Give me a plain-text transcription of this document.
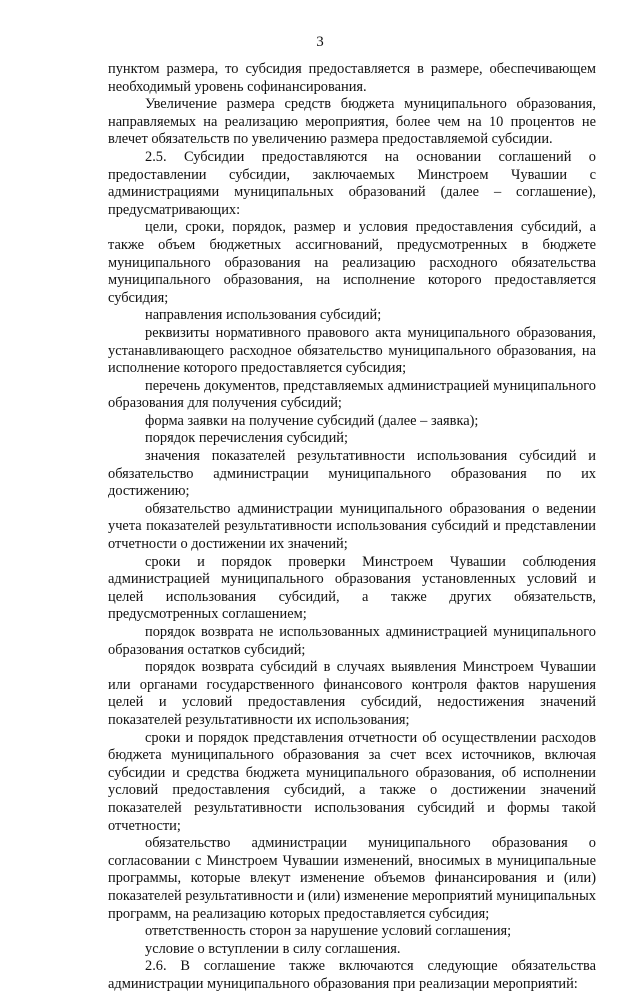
3

пунктом размера, то субсидия предоставляется в размере, обеспечивающем необходимый уровень софинансирования.

Увеличение размера средств бюджета муниципального образования, направляемых на реализацию мероприятия, более чем на 10 процентов не влечет обязательств по увеличению размера предоставляемой субсидии.

2.5. Субсидии предоставляются на основании соглашений о предоставлении субсидии, заключаемых Минстроем Чувашии с администрациями муниципальных образований (далее – соглашение), предусматривающих:

цели, сроки, порядок, размер и условия предоставления субсидий, а также объем бюджетных ассигнований, предусмотренных в бюджете муниципального образования на реализацию расходного обязательства муниципального образования, на исполнение которого предоставляется субсидия;

направления использования субсидий;

реквизиты нормативного правового акта муниципального образования, устанавливающего расходное обязательство муниципального образования, на исполнение которого предоставляется субсидия;

перечень документов, представляемых администрацией муниципального образования для получения субсидий;

форма заявки на получение субсидий (далее – заявка);

порядок перечисления субсидий;

значения показателей результативности использования субсидий и обязательство администрации муниципального образования по их достижению;

обязательство администрации муниципального образования о ведении учета показателей результативности использования субсидий и представлении отчетности о достижении их значений;

сроки и порядок проверки Минстроем Чувашии соблюдения администрацией муниципального образования установленных условий и целей использования субсидий, а также других обязательств, предусмотренных соглашением;

порядок возврата не использованных администрацией муниципального образования остатков субсидий;

порядок возврата субсидий в случаях выявления Минстроем Чувашии или органами государственного финансового контроля фактов нарушения целей и условий предоставления субсидий, недостижения значений показателей результативности их использования;

сроки и порядок представления отчетности об осуществлении расходов бюджета муниципального образования за счет всех источников, включая субсидии и средства бюджета муниципального образования, об исполнении условий предоставления субсидий, а также о достижении значений показателей результативности использования субсидий и формы такой отчетности;

обязательство администрации муниципального образования о согласовании с Минстроем Чувашии изменений, вносимых в муниципальные программы, которые влекут изменение объемов финансирования и (или) показателей результативности и (или) изменение мероприятий муниципальных программ, на реализацию которых предоставляется субсидия;

ответственность сторон за нарушение условий соглашения;

условие о вступлении в силу соглашения.

2.6. В соглашение также включаются следующие обязательства администрации муниципального образования при реализации мероприятий:
